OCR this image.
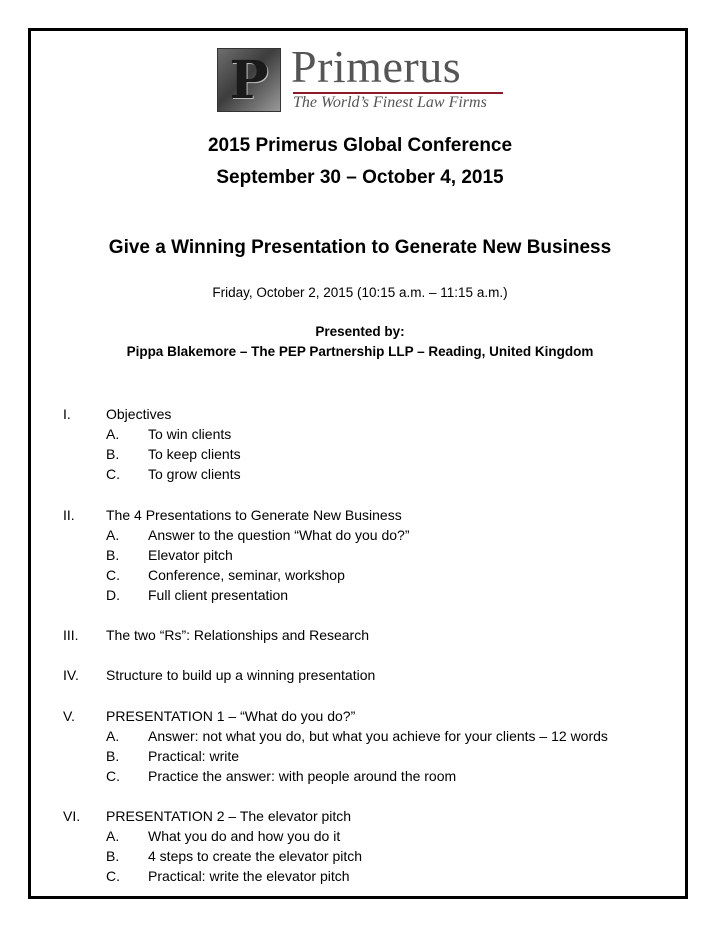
P Primerus
The World’s Finest Law Firms
2015 Primerus Global Conference
September 30 – October 4, 2015
Give a Winning Presentation to Generate New Business
Friday, October 2, 2015 (10:15 a.m. – 11:15 a.m.)
Presented by:
Pippa Blakemore – The PEP Partnership LLP – Reading, United Kingdom
I.	Objectives
A. To win clients
B. To keep clients
C. To grow clients
II. The 4 Presentations to Generate New Business
A. Answer to the question “What do you do?”
B. Elevator pitch
C. Conference, seminar, workshop
D. Full client presentation
III. The two “Rs”: Relationships and Research
IV. Structure to build up a winning presentation
V. PRESENTATION 1 – “What do you do?”
A. Answer: not what you do, but what you achieve for your clients – 12 words
B. Practical: write
C. Practice the answer: with people around the room
VI. PRESENTATION 2 – The elevator pitch
A. What you do and how you do it
B. 4 steps to create the elevator pitch
C. Practical: write the elevator pitch
